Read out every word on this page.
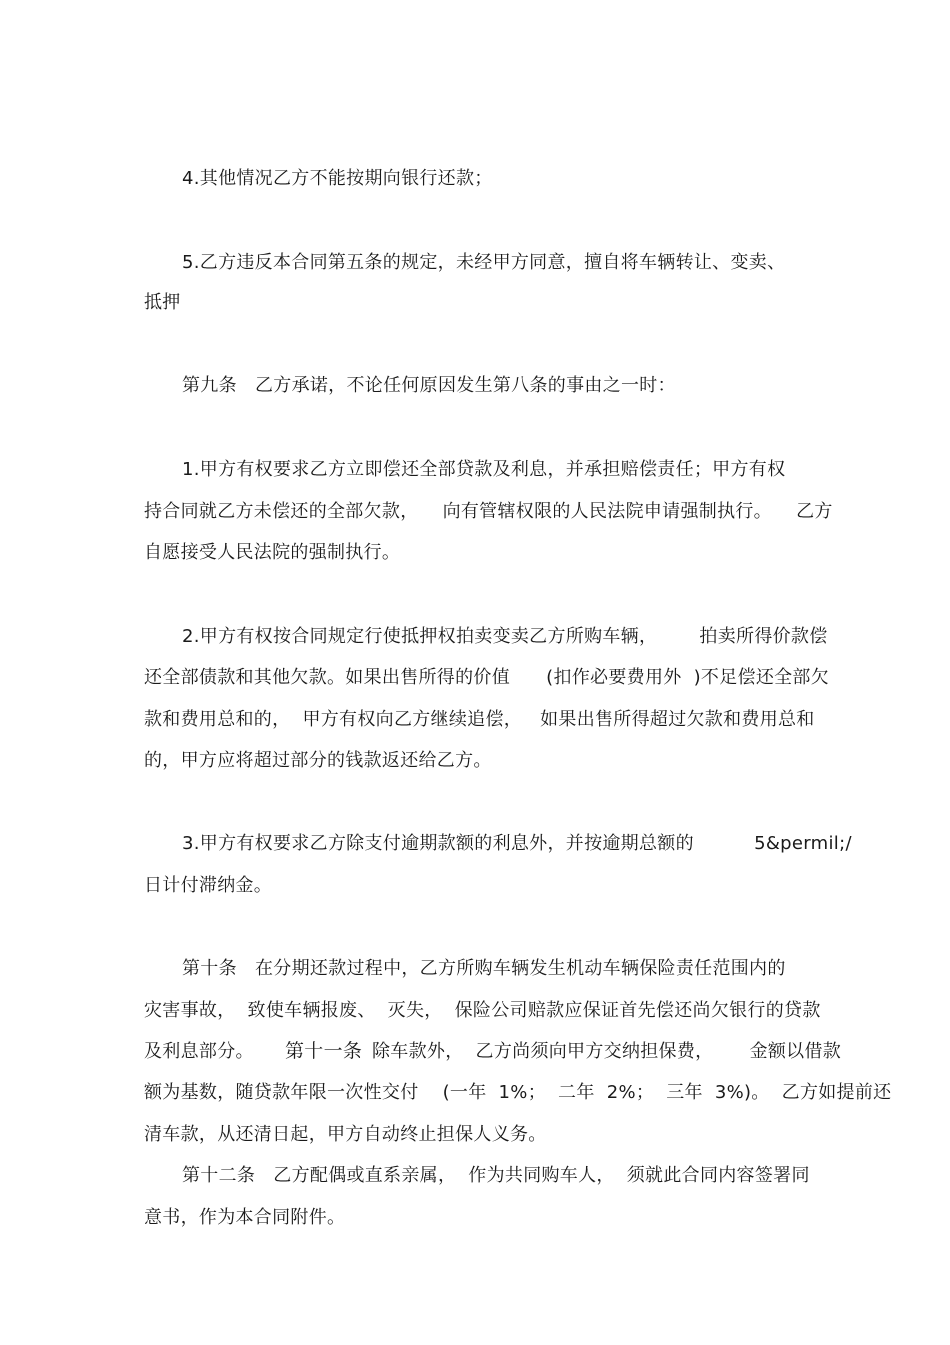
4.其他情况乙方不能按期向银行还款；
5.乙方违反本合同第五条的规定，未经甲方同意，擅自将车辆转让、变卖、
抵押
第九条   乙方承诺，不论任何原因发生第八条的事由之一时：
1.甲方有权要求乙方立即偿还全部贷款及利息，并承担赔偿责任；甲方有权
持合同就乙方未偿还的全部欠款，    向有管辖权限的人民法院申请强制执行。    乙方
自愿接受人民法院的强制执行。
2.甲方有权按合同规定行使抵押权拍卖变卖乙方所购车辆，       拍卖所得价款偿
还全部债款和其他欠款。如果出售所得的价值      (扣作必要费用外  )不足偿还全部欠
款和费用总和的，  甲方有权向乙方继续追偿，   如果出售所得超过欠款和费用总和
的，甲方应将超过部分的钱款返还给乙方。
3.甲方有权要求乙方除支付逾期款额的利息外，并按逾期总额的          5&permil;/
日计付滞纳金。
第十条   在分期还款过程中，乙方所购车辆发生机动车辆保险责任范围内的
灾害事故，  致使车辆报废、  灭失，  保险公司赔款应保证首先偿还尚欠银行的贷款
及利息部分。 第十一条 除车款外，  乙方尚须向甲方交纳担保费，      金额以借款
额为基数，随贷款年限一次性交付    (一年  1%；  二年  2%；  三年  3%)。  乙方如提前还
清车款，从还清日起，甲方自动终止担保人义务。
第十二条   乙方配偶或直系亲属，  作为共同购车人，  须就此合同内容签署同
意书，作为本合同附件。
